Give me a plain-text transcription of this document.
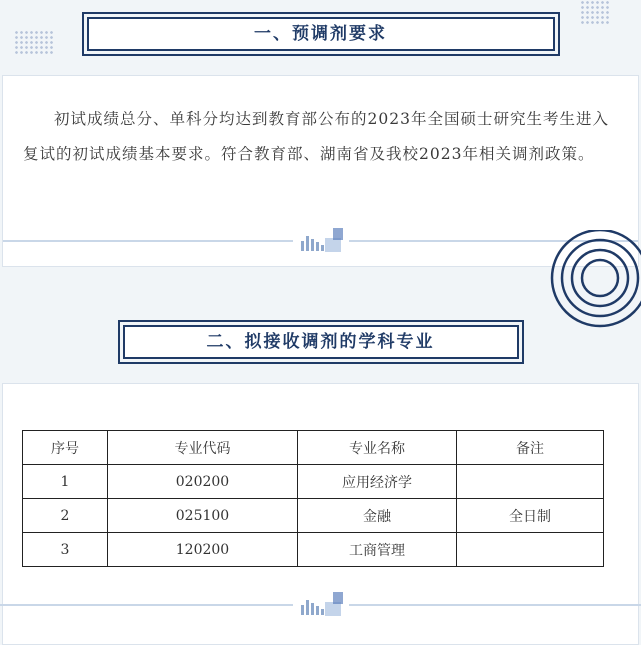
一、预调剂要求

初试成绩总分、单科分均达到教育部公布的2023年全国硕士研究生考生进入复试的初试成绩基本要求。符合教育部、湖南省及我校2023年相关调剂政策。

二、拟接收调剂的学科专业
序号	专业代码	专业名称	备注
1	020200	应用经济学	
2	025100	金融	全日制
3	120200	工商管理	
